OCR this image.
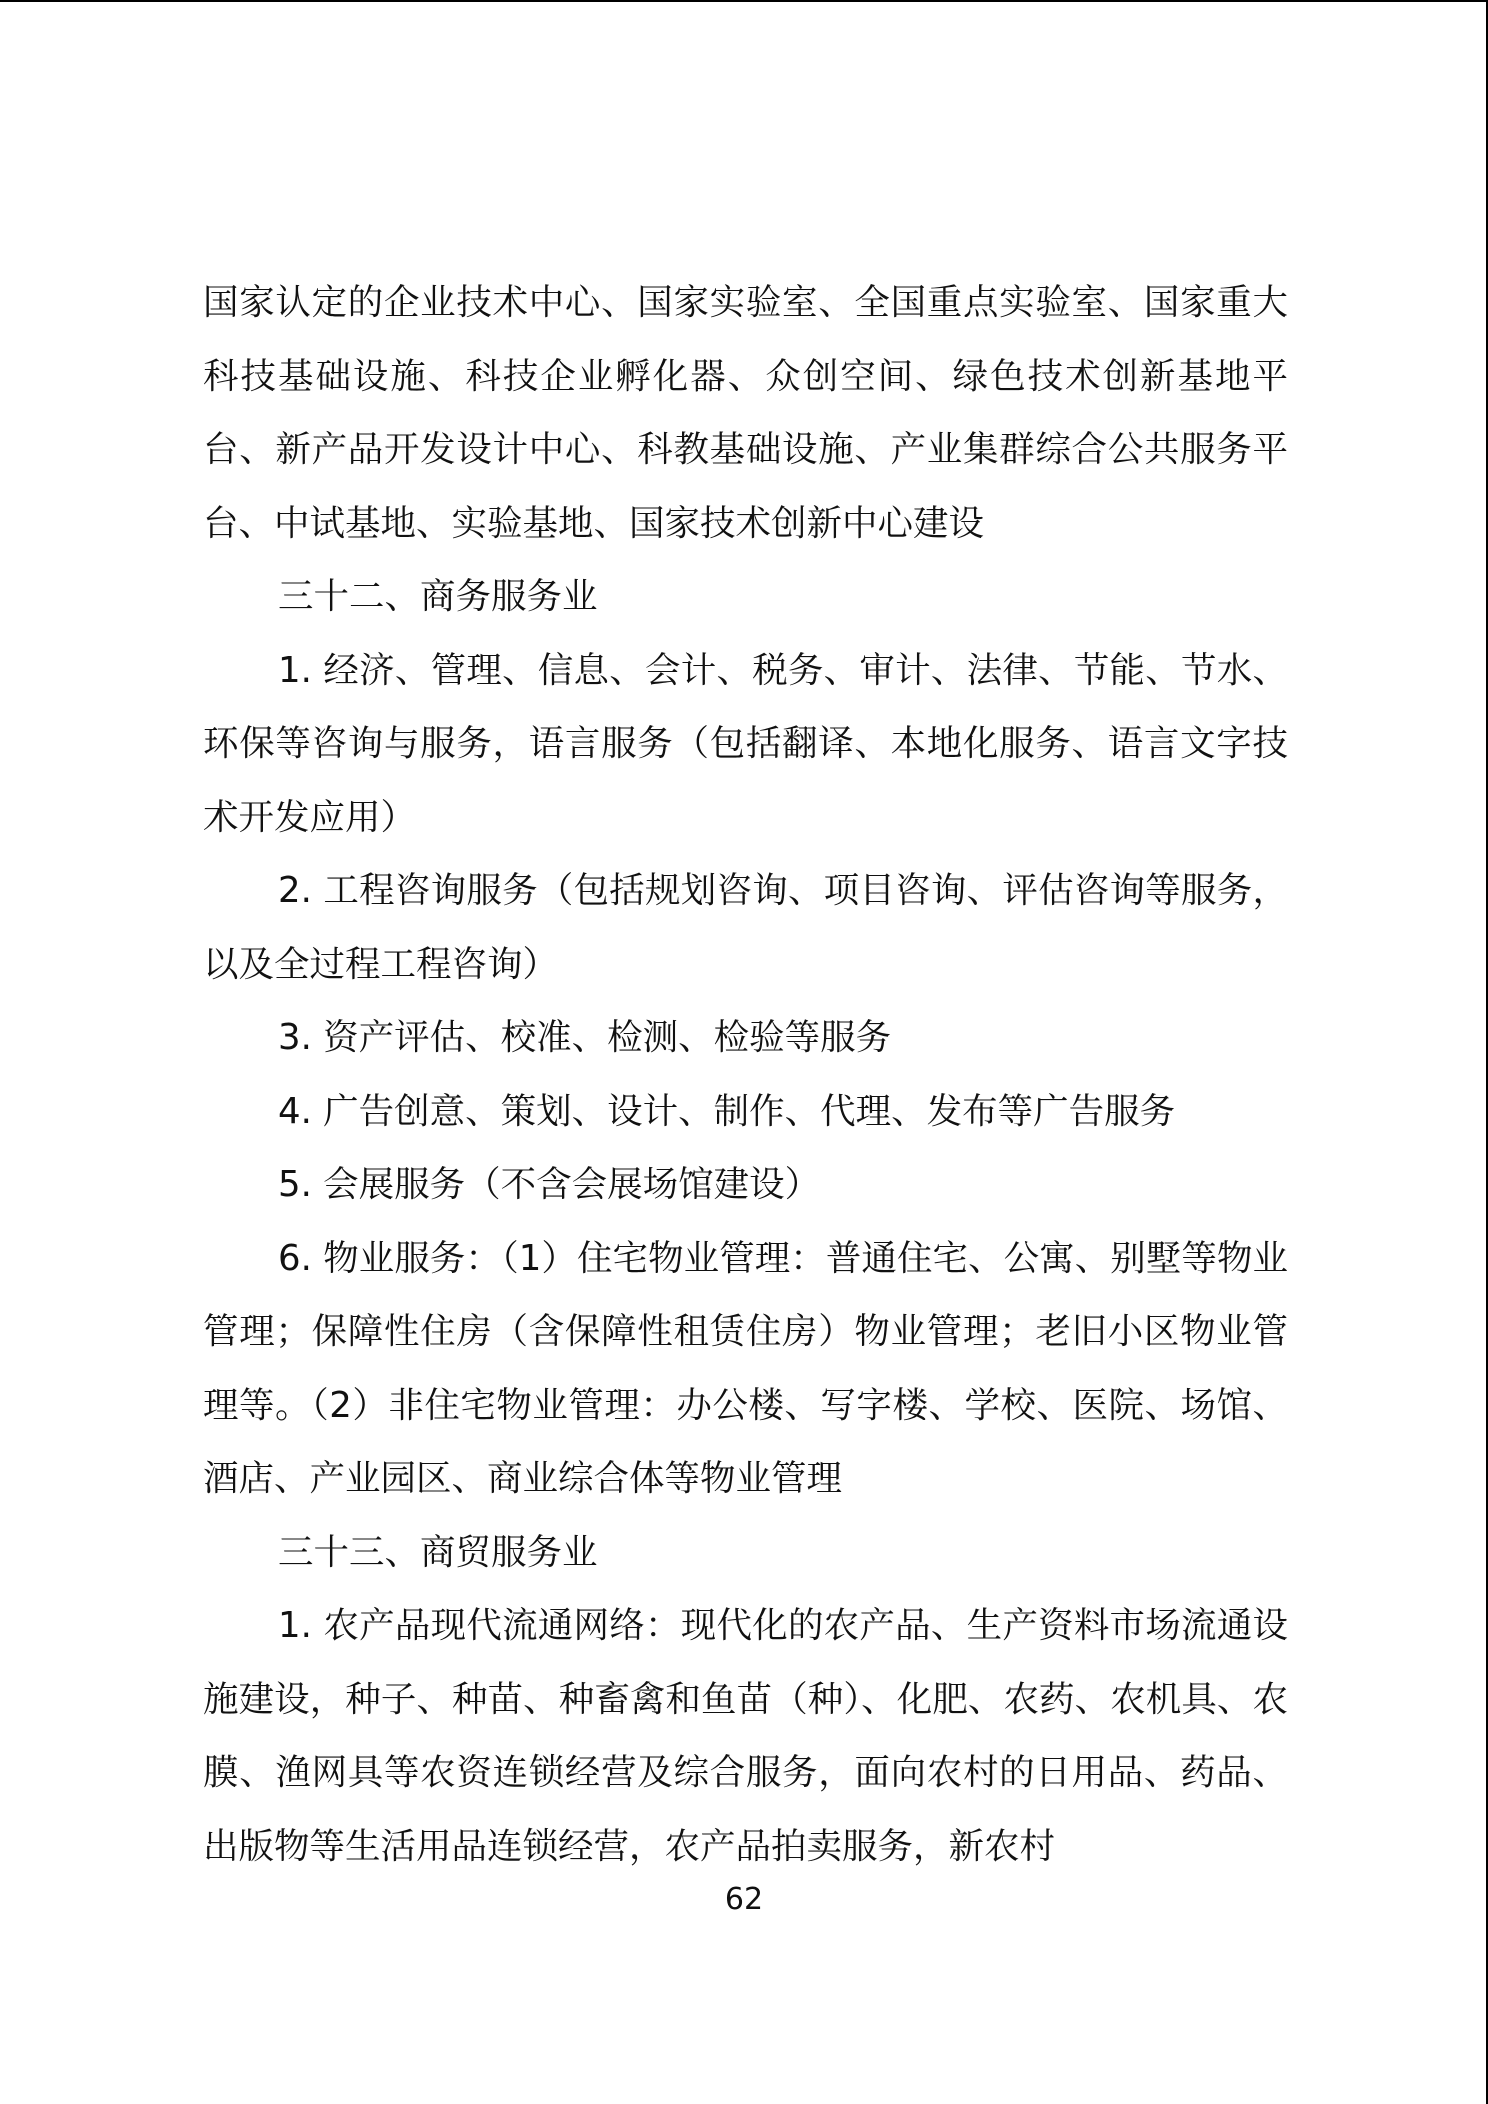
国家认定的企业技术中心、国家实验室、全国重点实验室、国家重大科技基础设施、科技企业孵化器、众创空间、绿色技术创新基地平台、新产品开发设计中心、科教基础设施、产业集群综合公共服务平台、中试基地、实验基地、国家技术创新中心建设

三十二、商务服务业

1. 经济、管理、信息、会计、税务、审计、法律、节能、节水、环保等咨询与服务，语言服务（包括翻译、本地化服务、语言文字技术开发应用）

2. 工程咨询服务（包括规划咨询、项目咨询、评估咨询等服务，以及全过程工程咨询）

3. 资产评估、校准、检测、检验等服务

4. 广告创意、策划、设计、制作、代理、发布等广告服务

5. 会展服务（不含会展场馆建设）

6. 物业服务：（1）住宅物业管理：普通住宅、公寓、别墅等物业管理；保障性住房（含保障性租赁住房）物业管理；老旧小区物业管理等。（2）非住宅物业管理：办公楼、写字楼、学校、医院、场馆、酒店、产业园区、商业综合体等物业管理

三十三、商贸服务业

1. 农产品现代流通网络：现代化的农产品、生产资料市场流通设施建设，种子、种苗、种畜禽和鱼苗（种）、化肥、农药、农机具、农膜、渔网具等农资连锁经营及综合服务，面向农村的日用品、药品、出版物等生活用品连锁经营，农产品拍卖服务，新农村

62
